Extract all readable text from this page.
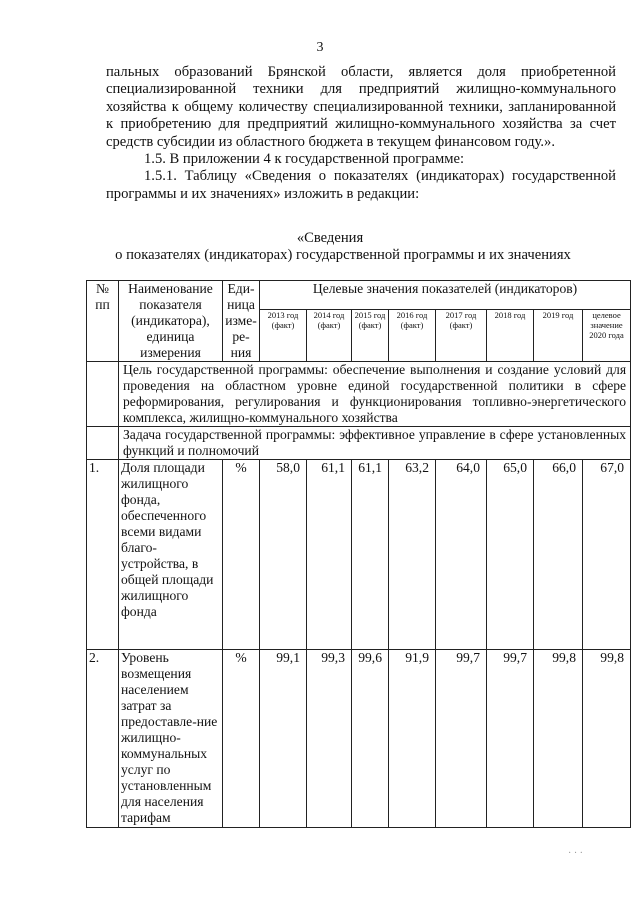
3

пальных образований Брянской области, является доля приобретенной специализированной техники для предприятий жилищно-коммунального хозяйства к общему количеству специализированной техники, запланированной к приобретению для предприятий жилищно-коммунального хозяйства за счет средств субсидии из областного бюджета в текущем финансовом году.».

1.5. В приложении 4 к государственной программе:

1.5.1. Таблицу «Сведения о показателях (индикаторах) государственной программы и их значениях» изложить в редакции:

«Сведения
о показателях (индикаторах) государственной программы и их значениях
№ пп	Наименование показателя (индикатора), единица измерения	Еди-ница изме-ре-ния	Целевые значения показателей (индикаторов)							
			2013 год (факт)	2014 год (факт)	2015 год (факт)	2016 год (факт)	2017 год (факт)	2018 год	2019 год	целевое значение 2020 года
	Цель государственной программы: обеспечение выполнения и создание условий для проведения на областном уровне единой государственной политики в сфере реформирования, регулирования и функционирования топливно-энергетического комплекса, жилищно-коммунального хозяйства									
	Задача государственной программы: эффективное управление в сфере установленных функций и полномочий									
1.	Доля площади жилищного фонда, обеспеченного всеми видами благо-устройства, в общей площади жилищного фонда	%	58,0	61,1	61,1	63,2	64,0	65,0	66,0	67,0
2.	Уровень возмещения населением затрат за предоставле-ние жилищно-коммунальных услуг по установленным для населения тарифам	%	99,1	99,3	99,6	91,9	99,7	99,7	99,8	99,8
· · ·
